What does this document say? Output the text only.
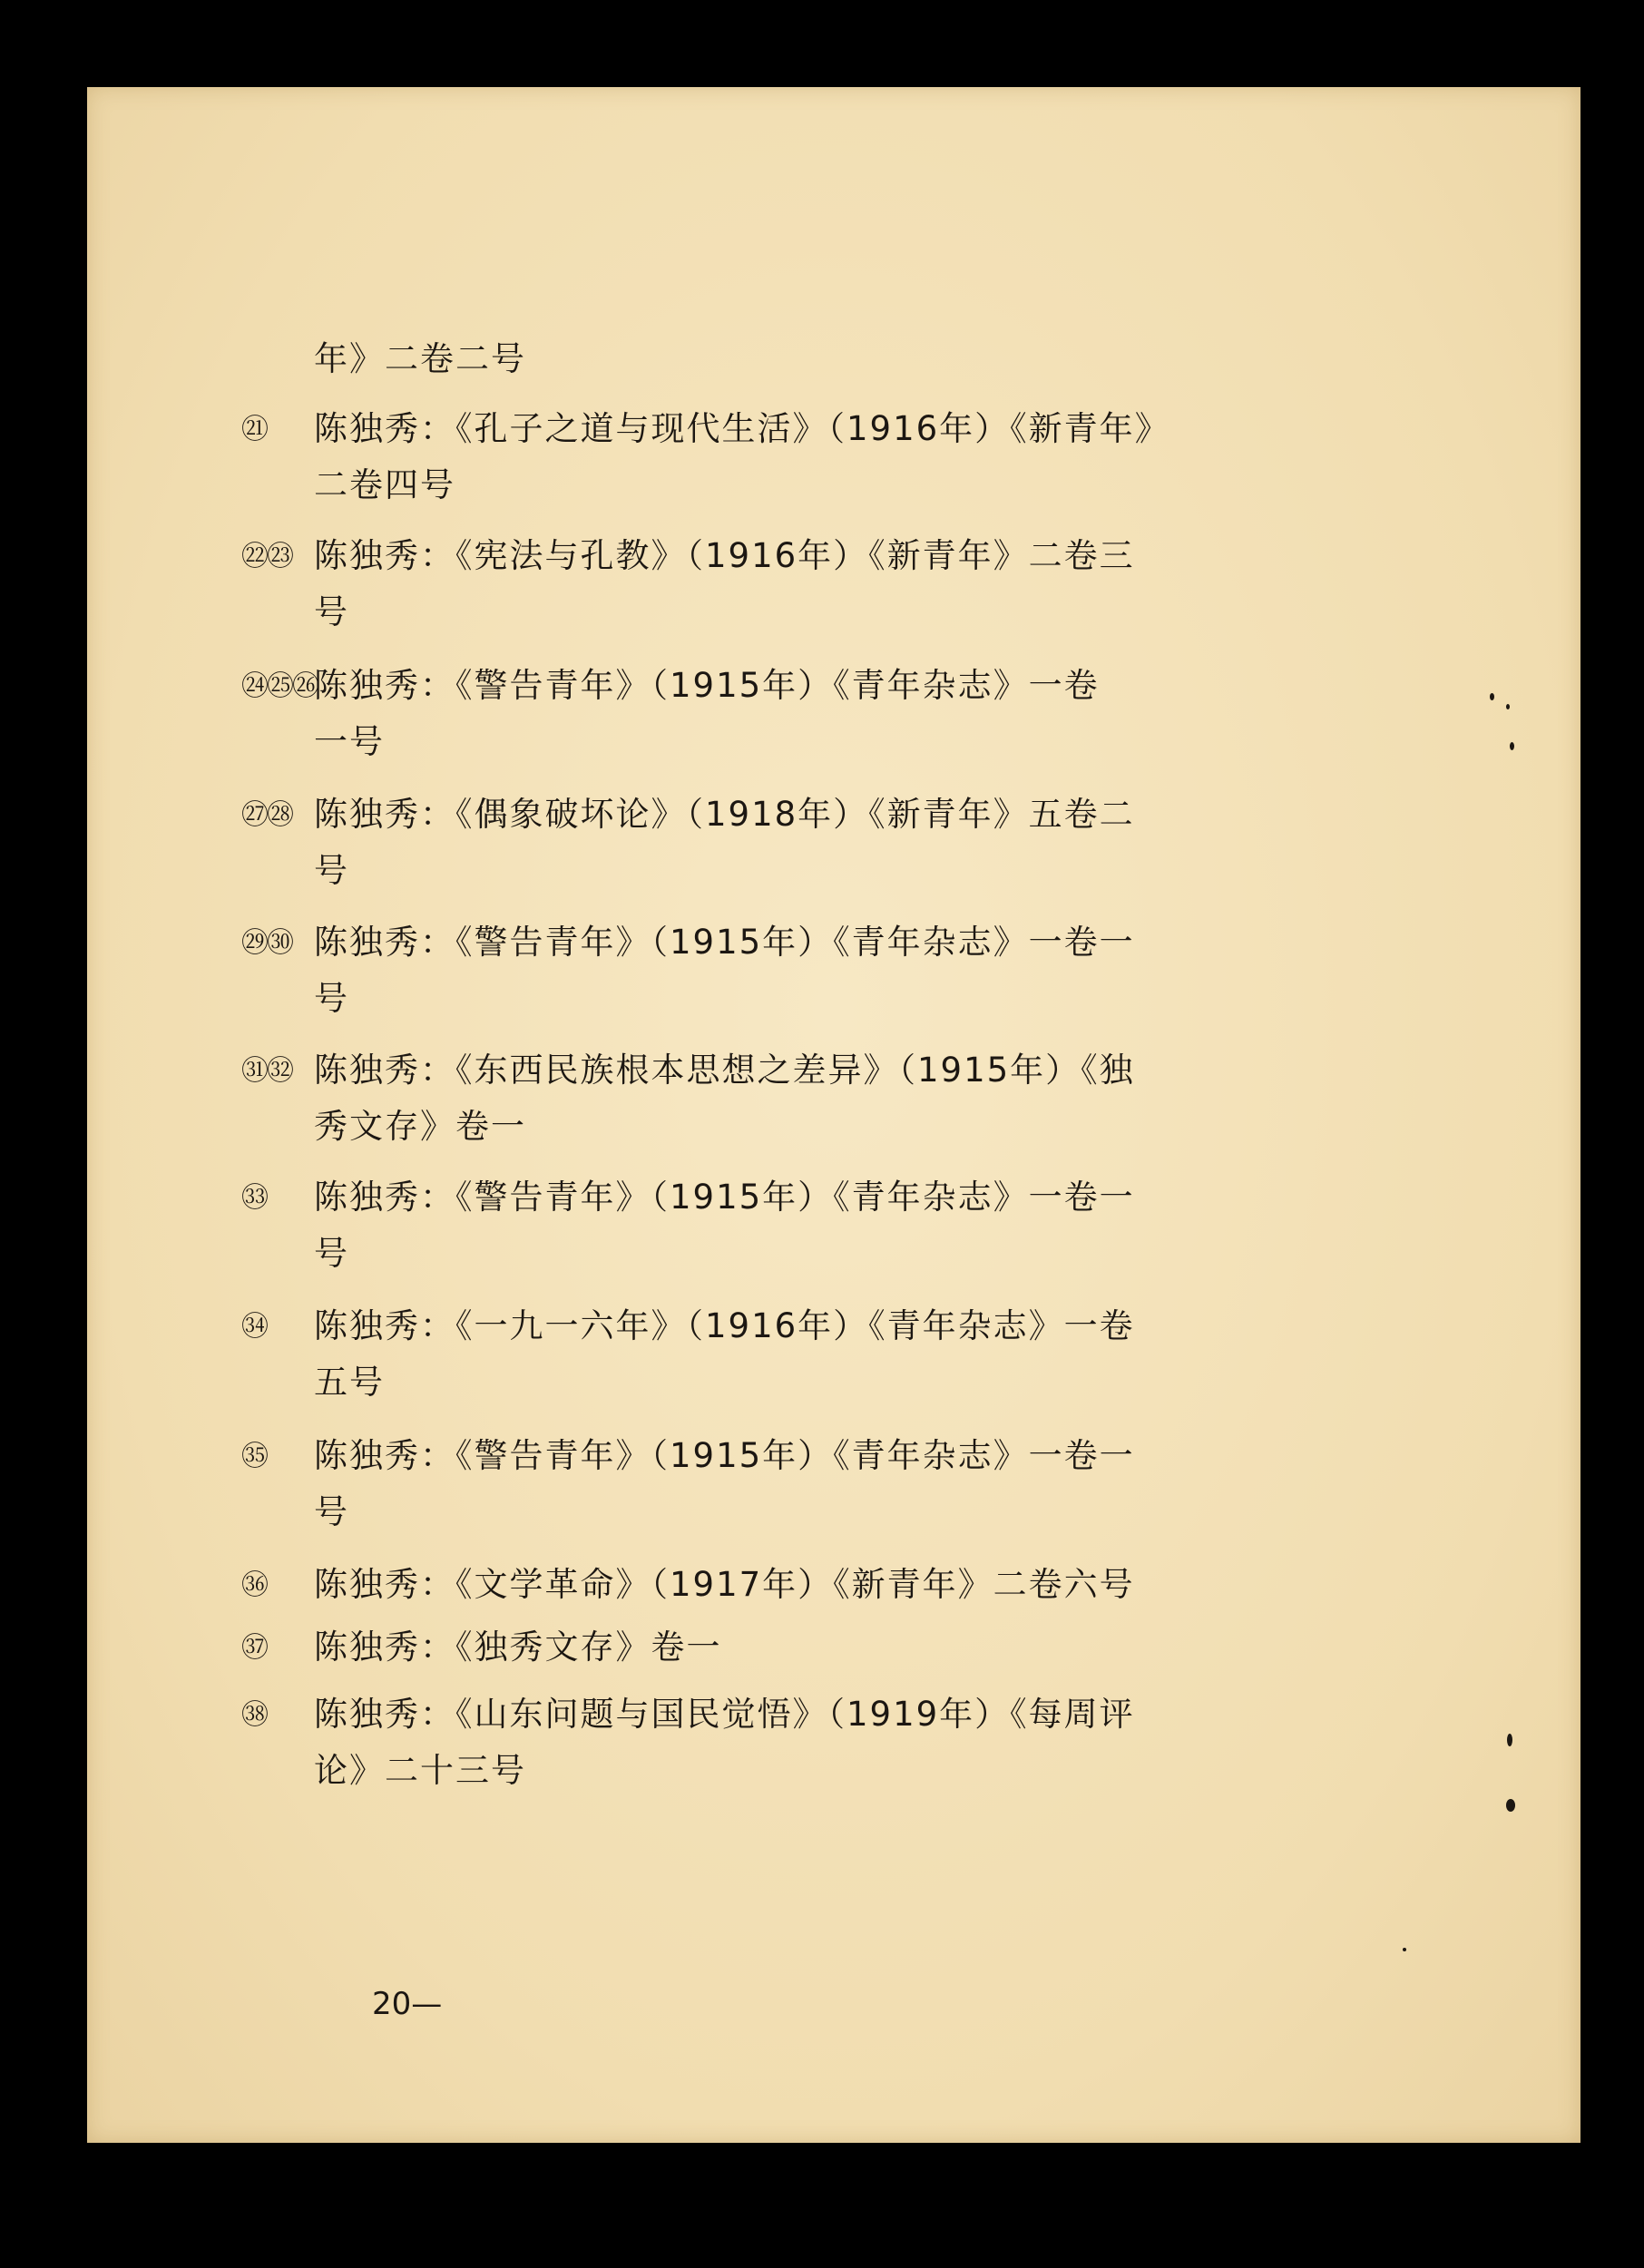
年》二卷二号
㉑ 陈独秀：《孔子之道与现代生活》（1916年）《新青年》
二卷四号
㉒㉓ 陈独秀：《宪法与孔教》（1916年）《新青年》二卷三
号
㉔㉕㉖
陈独秀：《警告青年》（1915年）《青年杂志》一卷
一号
㉗㉘ 陈独秀：《偶象破坏论》（1918年）《新青年》五卷二
号
㉙㉚ 陈独秀：《警告青年》（1915年）《青年杂志》一卷一
号
㉛㉜ 陈独秀：《东西民族根本思想之差异》（1915年）《独
秀文存》卷一
㉝ 陈独秀：《警告青年》（1915年）《青年杂志》一卷一
号
㉞ 陈独秀：《一九一六年》（1916年）《青年杂志》一卷
五号
㉟ 陈独秀：《警告青年》（1915年）《青年杂志》一卷一
号
㊱ 陈独秀：《文学革命》（1917年）《新青年》二卷六号
㊲ 陈独秀：《独秀文存》卷一
㊳ 陈独秀：《山东问题与国民觉悟》（1919年）《每周评
论》二十三号
20—
